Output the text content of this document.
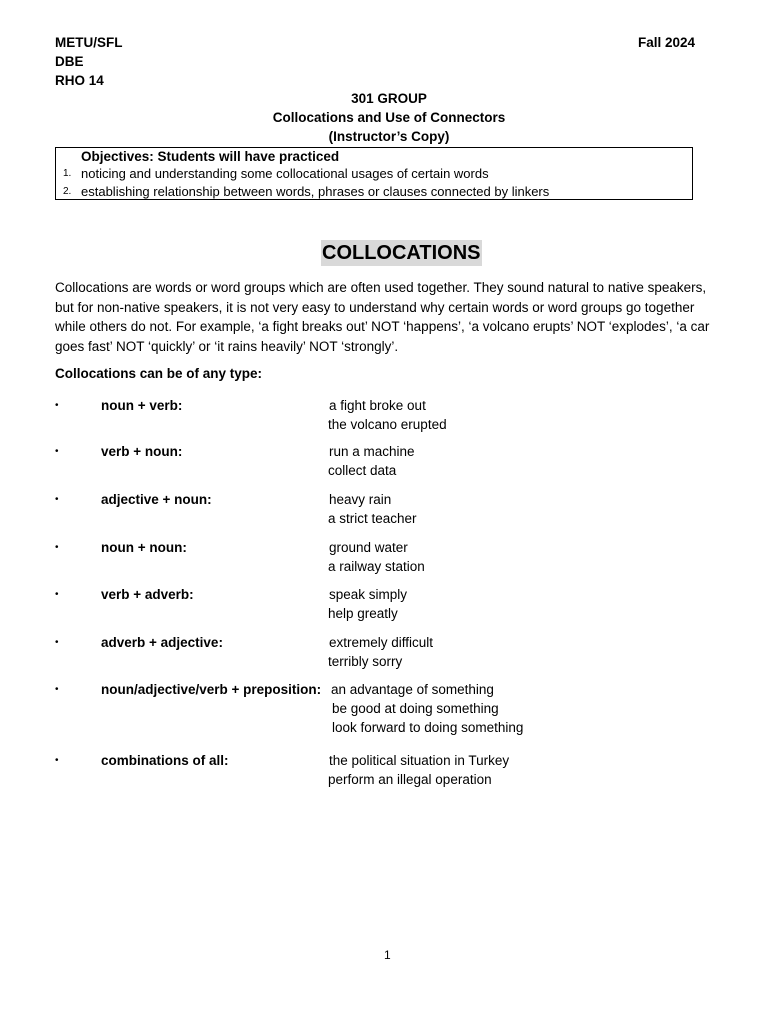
METU/SFL
DBE
RHO 14
Fall 2024
301 GROUP
Collocations and Use of Connectors
(Instructor’s Copy)
Objectives: Students will have practiced
1. noticing and understanding some collocational usages of certain words
2. establishing relationship between words, phrases or clauses connected by linkers
COLLOCATIONS

Collocations are words or word groups which are often used together. They sound natural to native speakers, but for non-native speakers, it is not very easy to understand why certain words or word groups go together while others do not. For example, ‘a fight breaks out’ NOT ‘happens’, ‘a volcano erupts’ NOT ‘explodes’, ‘a car goes fast’ NOT ‘quickly’ or ‘it rains heavily’ NOT ‘strongly’.

Collocations can be of any type:
•	noun + verb:	a fight broke out
the volcano erupted
•	verb + noun:	run a machine
collect data
•	adjective + noun:	heavy rain
a strict teacher
•	noun + noun:	ground water
a railway station
•	verb + adverb:	speak simply
help greatly
•	adverb + adjective:	extremely difficult
terribly sorry
•	noun/adjective/verb + preposition: an advantage of something
be good at doing something
look forward to doing something
•	combinations of all:	the political situation in Turkey
perform an illegal operation
1
